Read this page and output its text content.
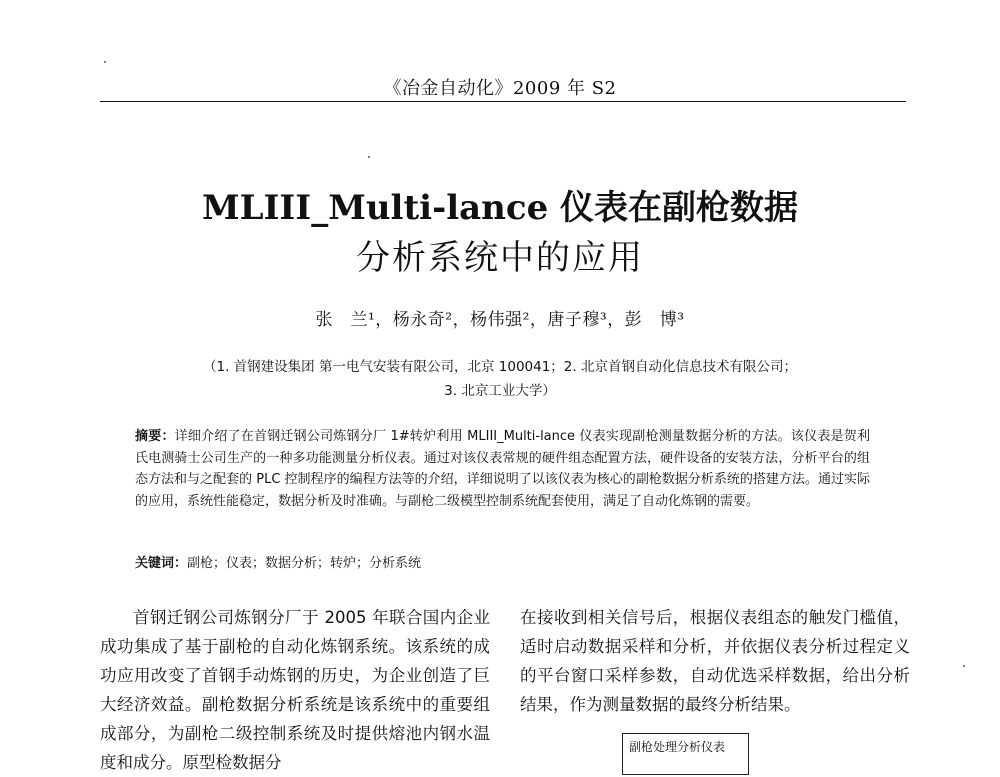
《冶金自动化》2009 年 S2
MLIII_Multi-lance 仪表在副枪数据
分析系统中的应用
张　兰¹，杨永奇²，杨伟强²，唐子穆³，彭　博³
（1. 首钢建设集团 第一电气安装有限公司，北京 100041；2. 北京首钢自动化信息技术有限公司；
3. 北京工业大学）
摘要：详细介绍了在首钢迁钢公司炼钢分厂 1#转炉利用 MLIII_Multi-lance 仪表实现副枪测量数据分析的方法。该仪表是贺利氏电测骑士公司生产的一种多功能测量分析仪表。通过对该仪表常规的硬件组态配置方法，硬件设备的安装方法，分析平台的组态方法和与之配套的 PLC 控制程序的编程方法等的介绍，详细说明了以该仪表为核心的副枪数据分析系统的搭建方法。通过实际的应用，系统性能稳定，数据分析及时准确。与副枪二级模型控制系统配套使用，满足了自动化炼钢的需要。
关键词：副枪；仪表；数据分析；转炉；分析系统

首钢迁钢公司炼钢分厂于 2005 年联合国内企业成功集成了基于副枪的自动化炼钢系统。该系统的成功应用改变了首钢手动炼钢的历史，为企业创造了巨大经济效益。副枪数据分析系统是该系统中的重要组成部分，为副枪二级控制系统及时提供熔池内钢水温度和成分。原型检数据分

在接收到相关信号后，根据仪表组态的触发门槛值，适时启动数据采样和分析，并依据仪表分析过程定义的平台窗口采样参数，自动优选采样数据，给出分析结果，作为测量数据的最终分析结果。

副枪处理分析仪表
